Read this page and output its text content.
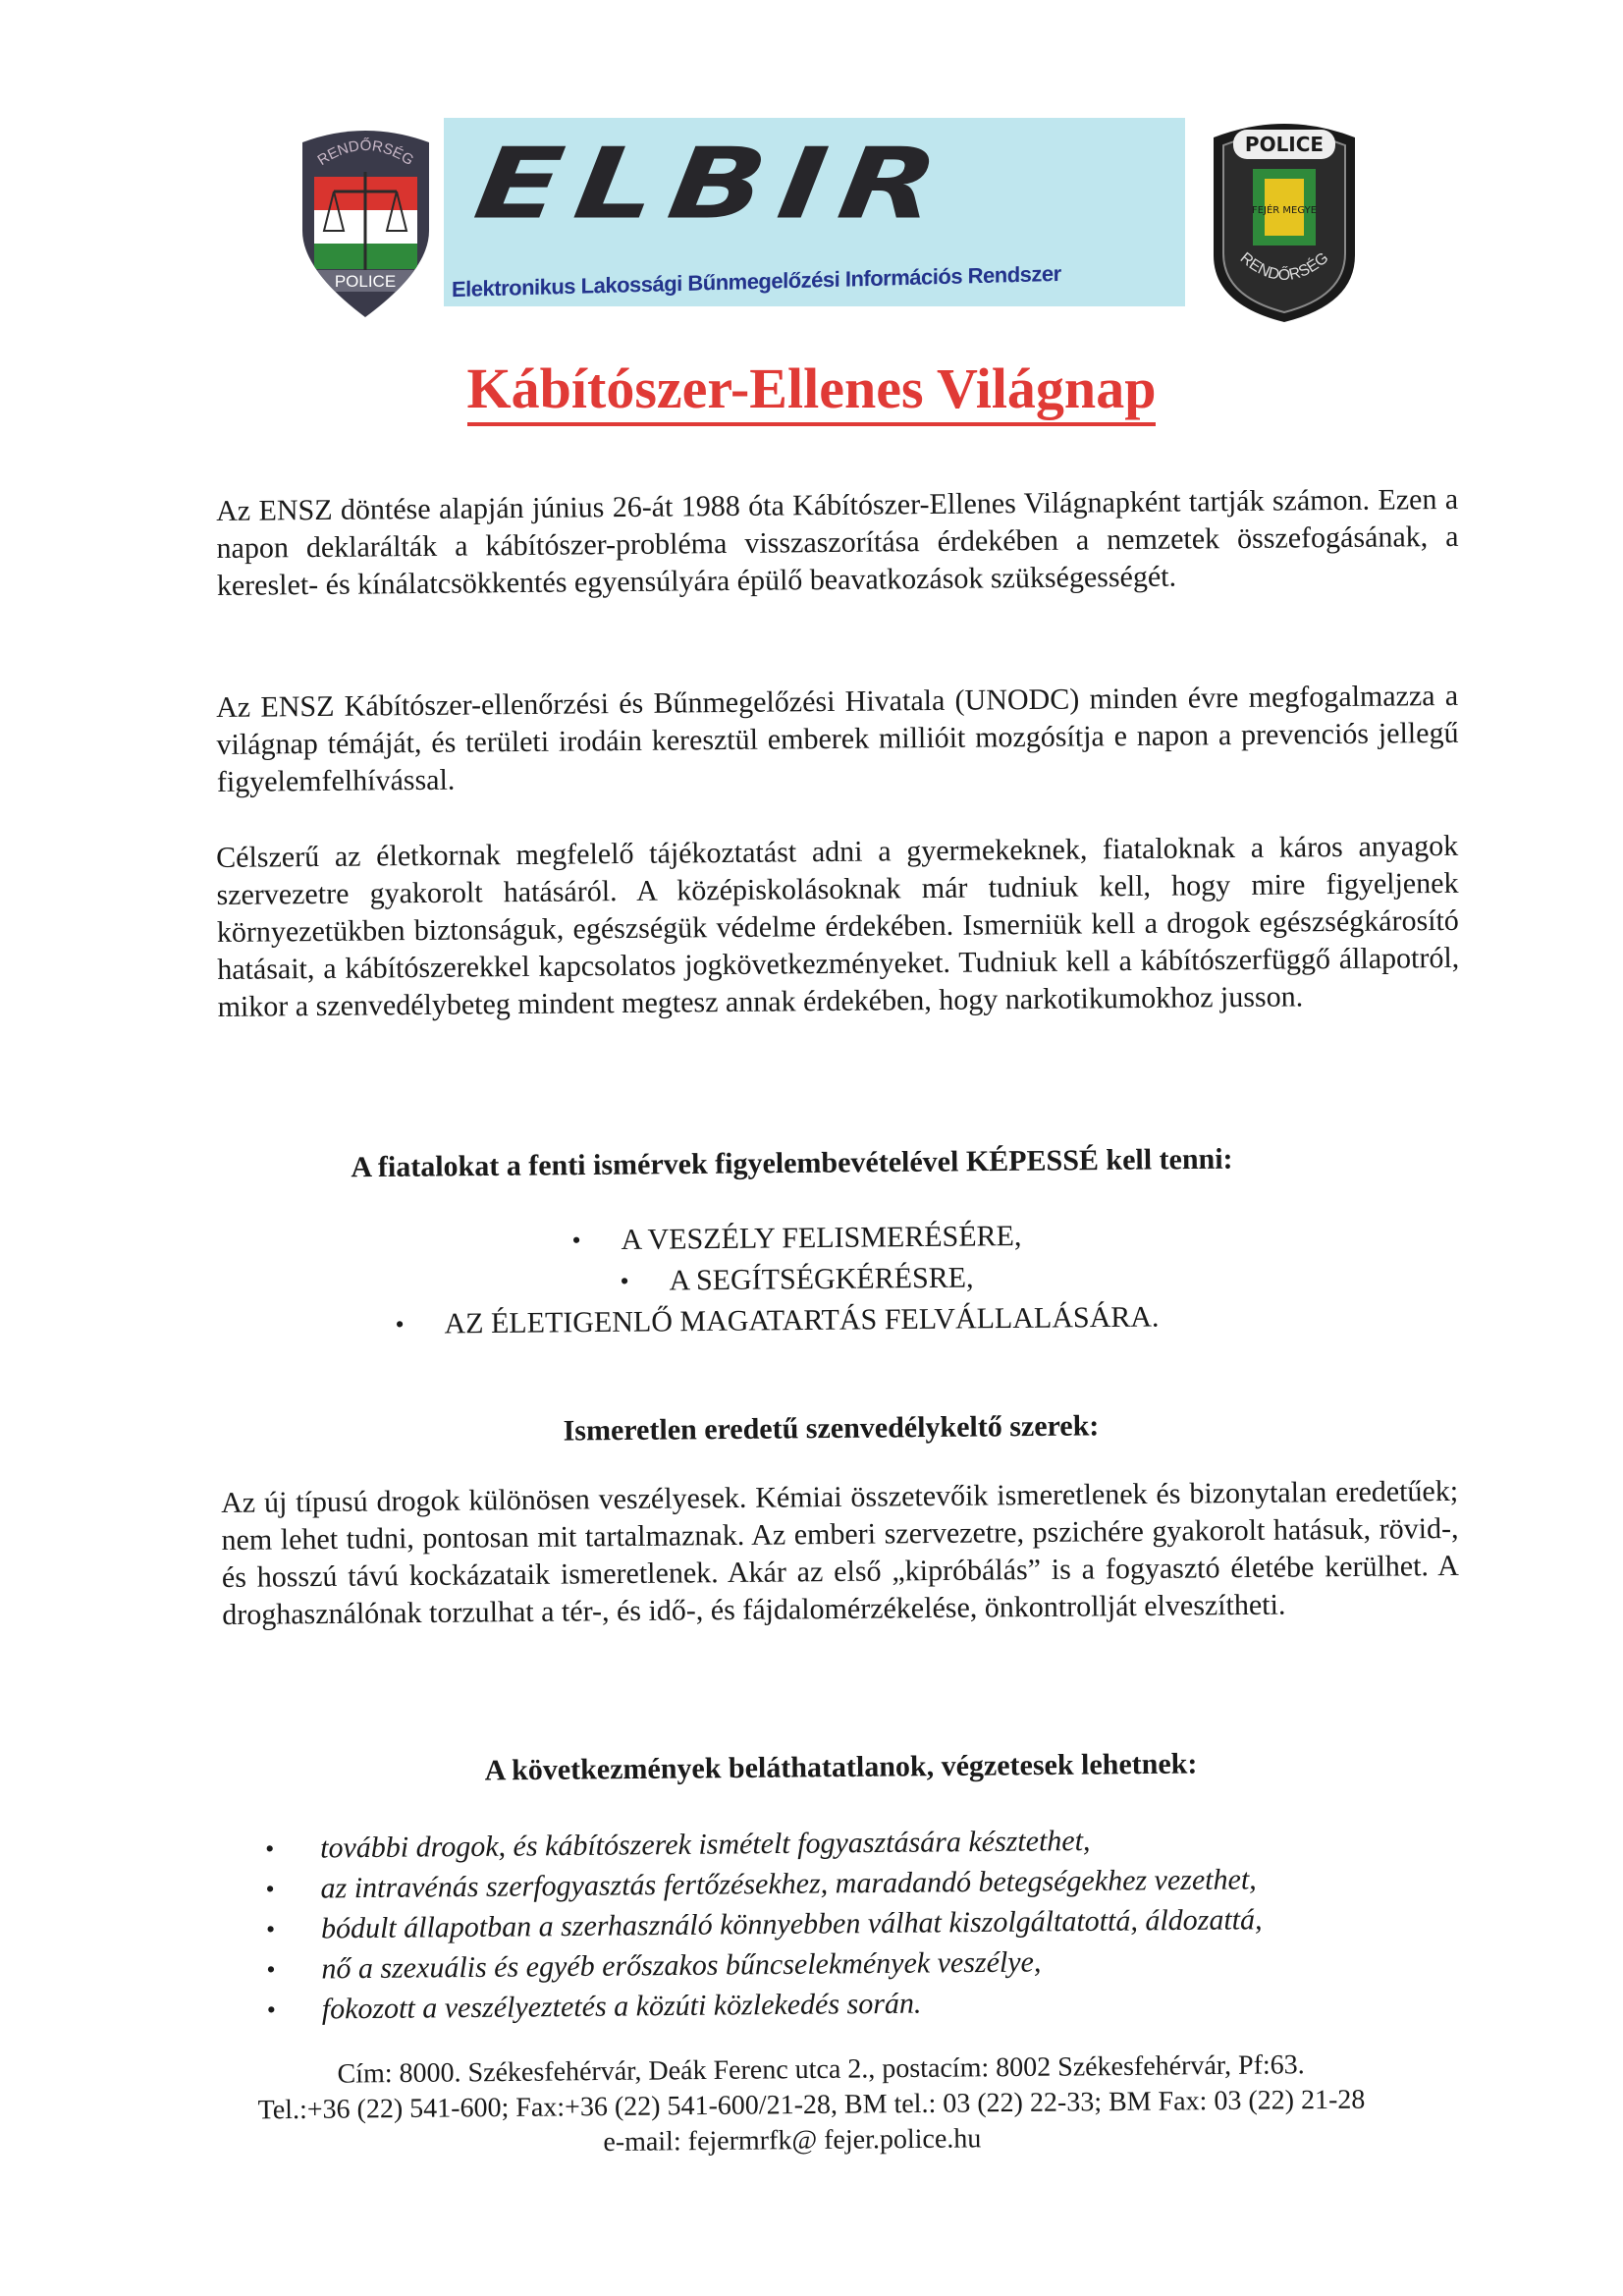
RENDŐRSÉG
POLICE
ELBIR
Elektronikus Lakossági Bűnmegelőzési Információs Rendszer
POLICE
FEJÉR MEGYE
RENDŐRSÉG
Kábítószer-Ellenes Világnap
Az ENSZ döntése alapján június 26-át 1988 óta Kábítószer-Ellenes Világnapként tartják számon. Ezen a napon deklarálták a kábítószer-probléma visszaszorítása érdekében a nemzetek összefogásának, a kereslet- és kínálatcsökkentés egyensúlyára épülő beavatkozások szükségességét.
Az ENSZ Kábítószer-ellenőrzési és Bűnmegelőzési Hivatala (UNODC) minden évre megfogalmazza a világnap témáját, és területi irodáin keresztül emberek millióit mozgósítja e napon a prevenciós jellegű figyelemfelhívással.
Célszerű az életkornak megfelelő tájékoztatást adni a gyermekeknek, fiataloknak a káros anyagok szervezetre gyakorolt hatásáról. A középiskolásoknak már tudniuk kell, hogy mire figyeljenek környezetükben biztonságuk, egészségük védelme érdekében. Ismerniük kell a drogok egészségkárosító hatásait, a kábítószerekkel kapcsolatos jogkövetkezményeket. Tudniuk kell a kábítószerfüggő állapotról, mikor a szenvedélybeteg mindent megtesz annak érdekében, hogy narkotikumokhoz jusson.
A fiatalokat a fenti ismérvek figyelembevételével KÉPESSÉ kell tenni:
• A VESZÉLY FELISMERÉSÉRE,
• A SEGÍTSÉGKÉRÉSRE,
• AZ ÉLETIGENLŐ MAGATARTÁS FELVÁLLALÁSÁRA.
Ismeretlen eredetű szenvedélykeltő szerek:
Az új típusú drogok különösen veszélyesek. Kémiai összetevőik ismeretlenek és bizonytalan eredetűek; nem lehet tudni, pontosan mit tartalmaznak. Az emberi szervezetre, pszichére gyakorolt hatásuk, rövid-, és hosszú távú kockázataik ismeretlenek. Akár az első „kipróbálás” is a fogyasztó életébe kerülhet. A droghasználónak torzulhat a tér-, és idő-, és fájdalomérzékelése, önkontrollját elveszítheti.
A következmények beláthatatlanok, végzetesek lehetnek:
• további drogok, és kábítószerek ismételt fogyasztására késztethet,
• az intravénás szerfogyasztás fertőzésekhez, maradandó betegségekhez vezethet,
• bódult állapotban a szerhasználó könnyebben válhat kiszolgáltatottá, áldozattá,
• nő a szexuális és egyéb erőszakos bűncselekmények veszélye,
• fokozott a veszélyeztetés a közúti közlekedés során.
Cím: 8000. Székesfehérvár, Deák Ferenc utca 2., postacím: 8002 Székesfehérvár, Pf:63.
Tel.:+36 (22) 541-600; Fax:+36 (22) 541-600/21-28, BM tel.: 03 (22) 22-33; BM Fax: 03 (22) 21-28
e-mail: fejermrfk@ fejer.police.hu
